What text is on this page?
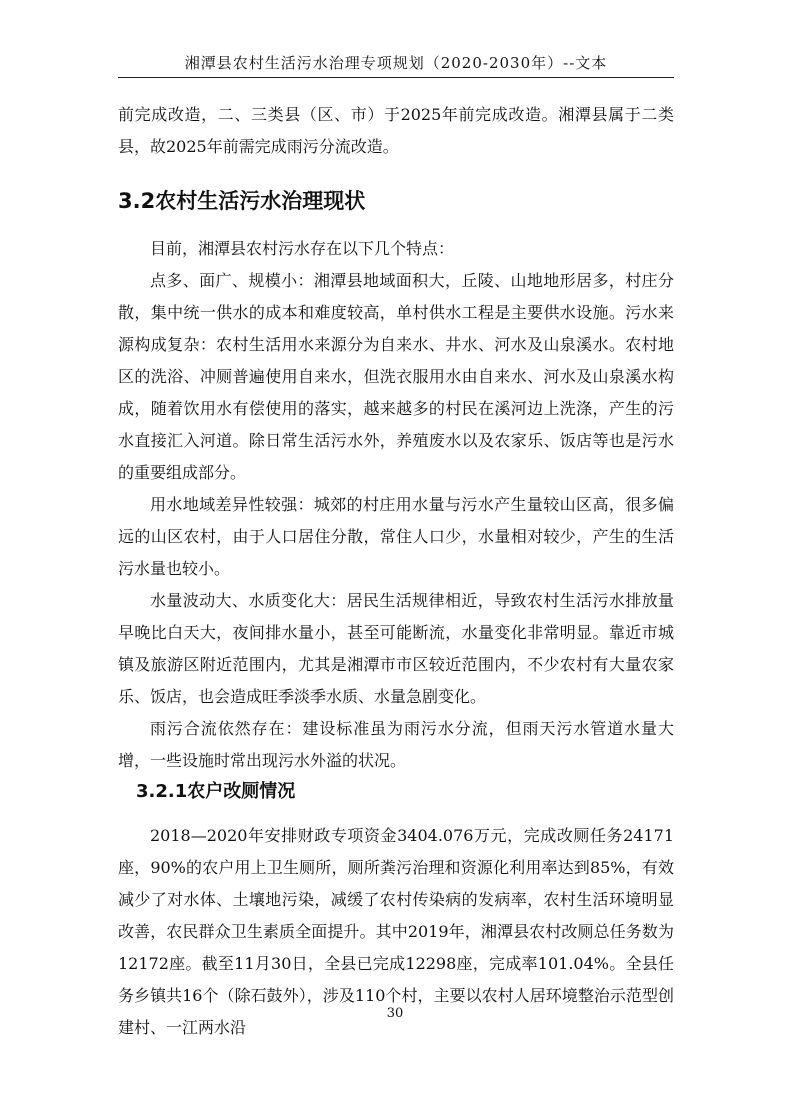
湘潭县农村生活污水治理专项规划（2020-2030年）--文本

前完成改造，二、三类县（区、市）于2025年前完成改造。湘潭县属于二类县，故2025年前需完成雨污分流改造。

3.2农村生活污水治理现状

目前，湘潭县农村污水存在以下几个特点：

点多、面广、规模小：湘潭县地域面积大，丘陵、山地地形居多，村庄分散，集中统一供水的成本和难度较高，单村供水工程是主要供水设施。污水来源构成复杂：农村生活用水来源分为自来水、井水、河水及山泉溪水。农村地区的洗浴、冲厕普遍使用自来水，但洗衣服用水由自来水、河水及山泉溪水构成，随着饮用水有偿使用的落实，越来越多的村民在溪河边上洗涤，产生的污水直接汇入河道。除日常生活污水外，养殖废水以及农家乐、饭店等也是污水的重要组成部分。

用水地域差异性较强：城郊的村庄用水量与污水产生量较山区高，很多偏远的山区农村，由于人口居住分散，常住人口少，水量相对较少，产生的生活污水量也较小。

水量波动大、水质变化大：居民生活规律相近，导致农村生活污水排放量早晚比白天大，夜间排水量小，甚至可能断流，水量变化非常明显。靠近市城镇及旅游区附近范围内，尤其是湘潭市市区较近范围内，不少农村有大量农家乐、饭店，也会造成旺季淡季水质、水量急剧变化。

雨污合流依然存在：建设标准虽为雨污水分流，但雨天污水管道水量大增，一些设施时常出现污水外溢的状况。

3.2.1农户改厕情况

2018—2020年安排财政专项资金3404.076万元，完成改厕任务24171座，90%的农户用上卫生厕所，厕所粪污治理和资源化利用率达到85%，有效减少了对水体、土壤地污染，减缓了农村传染病的发病率，农村生活环境明显改善，农民群众卫生素质全面提升。其中2019年，湘潭县农村改厕总任务数为12172座。截至11月30日，全县已完成12298座，完成率101.04%。全县任务乡镇共16个（除石鼓外），涉及110个村，主要以农村人居环境整治示范型创建村、一江两水沿

30
